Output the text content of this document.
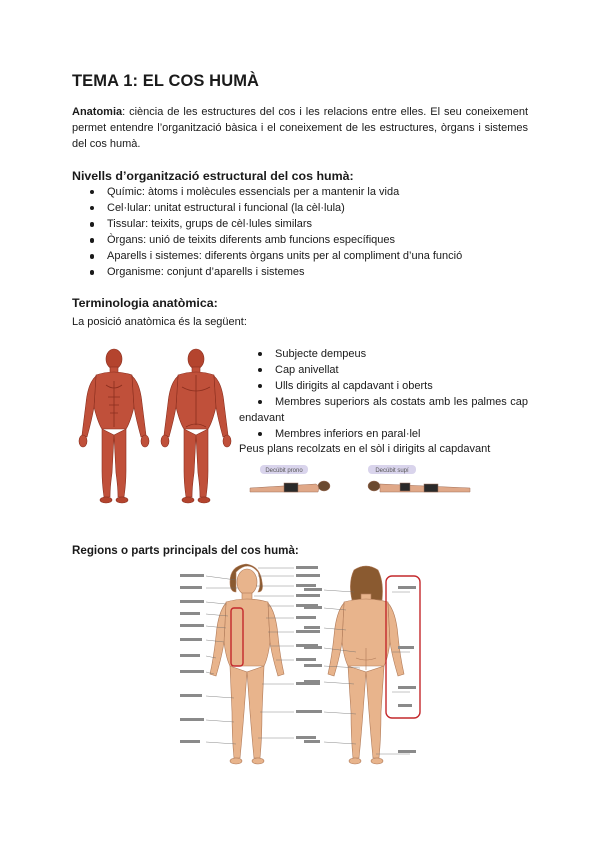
TEMA 1: EL COS HUMÀ

Anatomia: ciència de les estructures del cos i les relacions entre elles. El seu coneixement permet entendre l’organització bàsica i el coneixement de les estructures, òrgans i sistemes del cos humà.

Nivells d’organització estructural del cos humà:

Químic: àtoms i molècules essencials per a mantenir la vida
Cel·lular: unitat estructural i funcional (la cèl·lula)
Tissular: teixits, grups de cèl·lules similars
Òrgans: unió de teixits diferents amb funcions específiques
Aparells i sistemes: diferents òrgans units per al compliment d’una funció
Organisme: conjunt d’aparells i sistemes

Terminologia anatòmica:

La posició anatòmica és la següent:

Subjecte dempeus
Cap anivellat
Ulls dirigits al capdavant i oberts
Membres superiors als costats amb les palmes cap endavant
Membres inferiors en paral·lel

Peus plans recolzats en el sòl i dirigits al capdavant

Regions o parts principals del cos humà:

Decúbit prono	Decúbit supí
